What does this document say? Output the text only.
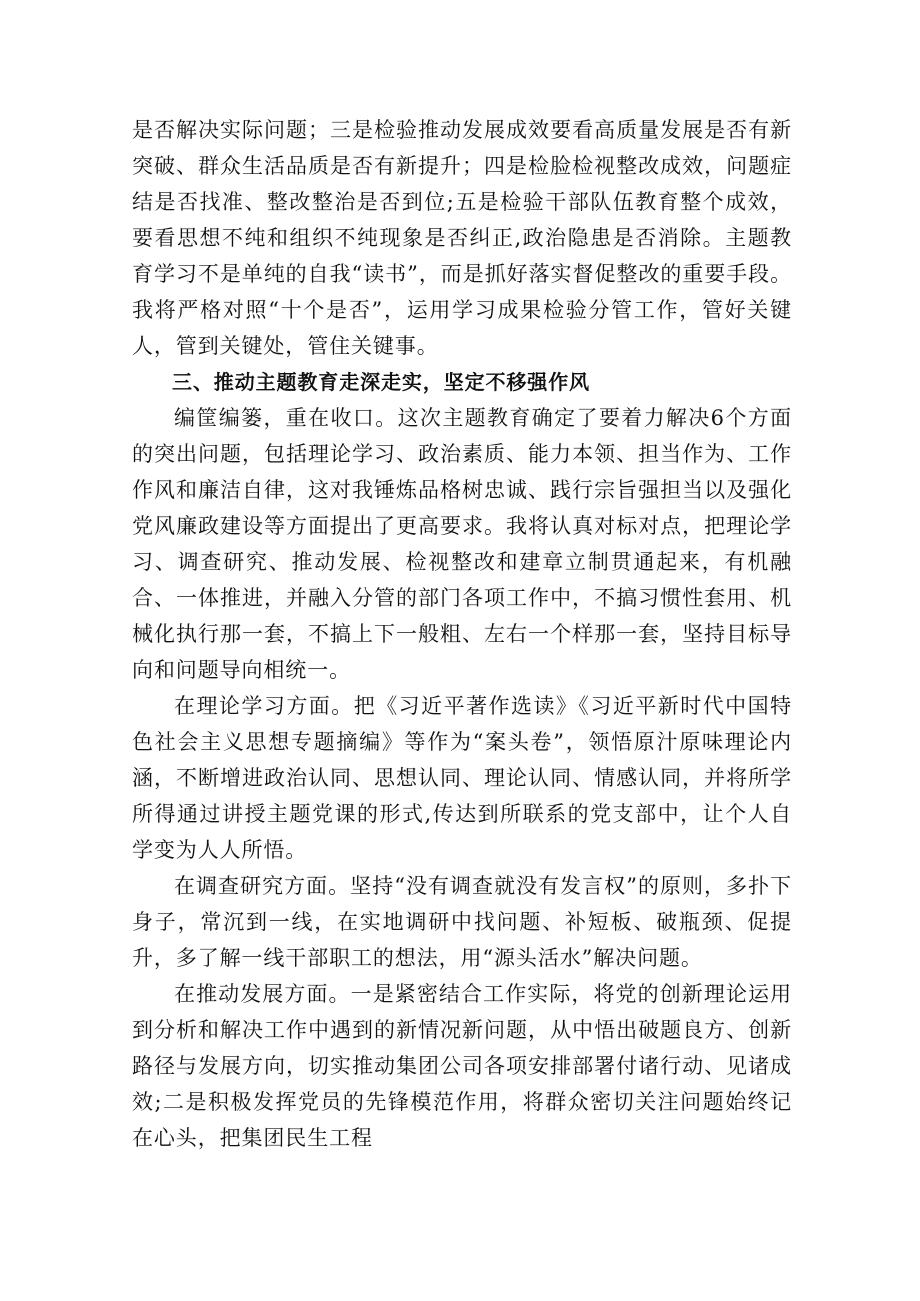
是否解决实际问题；三是检验推动发展成效要看高质量发展是否有新突破、群众生活品质是否有新提升；四是检脸检视整改成效，问题症结是否找准、整改整治是否到位;五是检验干部队伍教育整个成效，要看思想不纯和组织不纯现象是否纠正,政治隐患是否消除。主题教育学习不是单纯的自我“读书”，而是抓好落实督促整改的重要手段。我将严格对照“十个是否”，运用学习成果检验分管工作，管好关键人，管到关键处，管住关键事。

三、推动主题教育走深走实，坚定不移强作风

编筐编篓，重在收口。这次主题教育确定了要着力解决6个方面的突出问题，包括理论学习、政治素质、能力本领、担当作为、工作作风和廉洁自律，这对我锤炼品格树忠诚、践行宗旨强担当以及强化党风廉政建设等方面提出了更高要求。我将认真对标对点，把理论学习、调查研究、推动发展、检视整改和建章立制贯通起来，有机融合、一体推进，并融入分管的部门各项工作中，不搞习惯性套用、机械化执行那一套，不搞上下一般粗、左右一个样那一套，坚持目标导向和问题导向相统一。

在理论学习方面。把《习近平著作选读》《习近平新时代中国特色社会主义思想专题摘编》等作为“案头卷”，领悟原汁原味理论内涵，不断增进政治认同、思想认同、理论认同、情感认同，并将所学所得通过讲授主题党课的形式,传达到所联系的党支部中，让个人自学变为人人所悟。

在调查研究方面。坚持“没有调查就没有发言权”的原则，多扑下身子，常沉到一线，在实地调研中找问题、补短板、破瓶颈、促提升，多了解一线干部职工的想法，用“源头活水”解决问题。

在推动发展方面。一是紧密结合工作实际，将党的创新理论运用到分析和解决工作中遇到的新情况新问题，从中悟出破题良方、创新路径与发展方向，切实推动集团公司各项安排部署付诸行动、见诸成效;二是积极发挥党员的先锋模范作用，将群众密切关注问题始终记在心头，把集团民生工程
